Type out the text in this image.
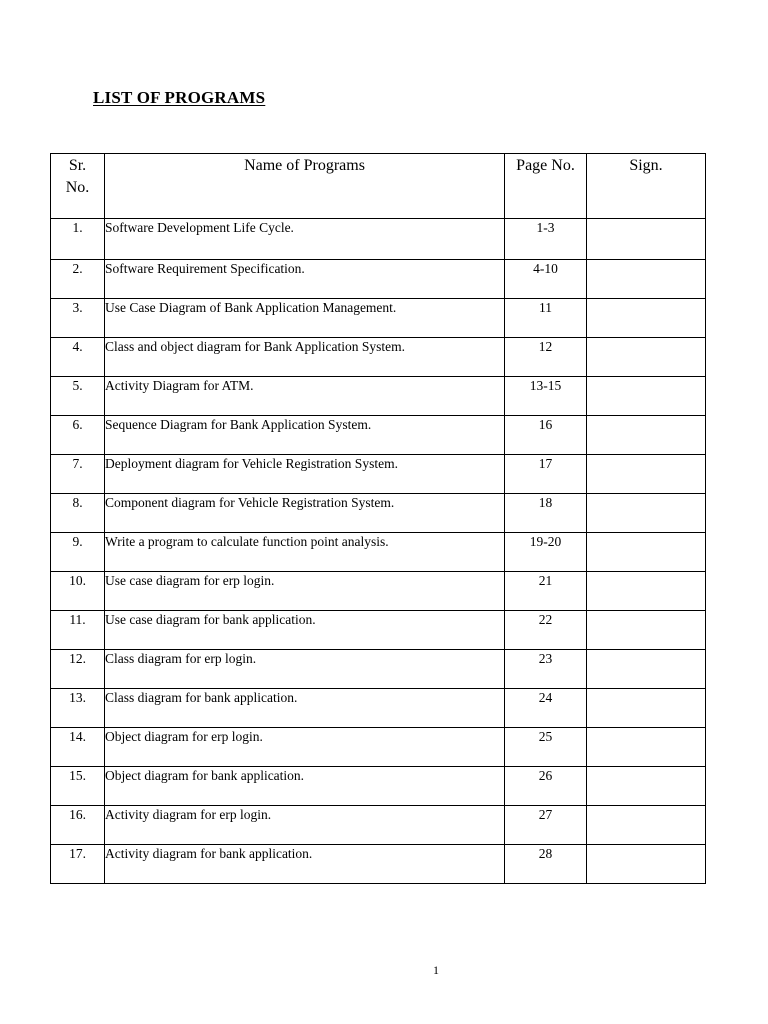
LIST OF PROGRAMS
Sr.
No.	Name of Programs	Page No.	Sign.
1.	Software Development Life Cycle.	1-3	
2.	Software Requirement Specification.	4-10	
3.	Use Case Diagram of Bank Application Management.	11	
4.	Class and object diagram for Bank Application System.	12	
5.	Activity Diagram for ATM.	13-15	
6.	Sequence Diagram for Bank Application System.	16	
7.	Deployment diagram for Vehicle Registration System.	17	
8.	Component diagram for Vehicle Registration System.	18	
9.	Write a program to calculate function point analysis.	19-20	
10.	Use case diagram for erp login.	21	
11.	Use case diagram for bank application.	22	
12.	Class diagram for erp login.	23	
13.	Class diagram for bank application.	24	
14.	Object diagram for erp login.	25	
15.	Object diagram for bank application.	26	
16.	Activity diagram for erp login.	27	
17.	Activity diagram for bank application.	28	
1
